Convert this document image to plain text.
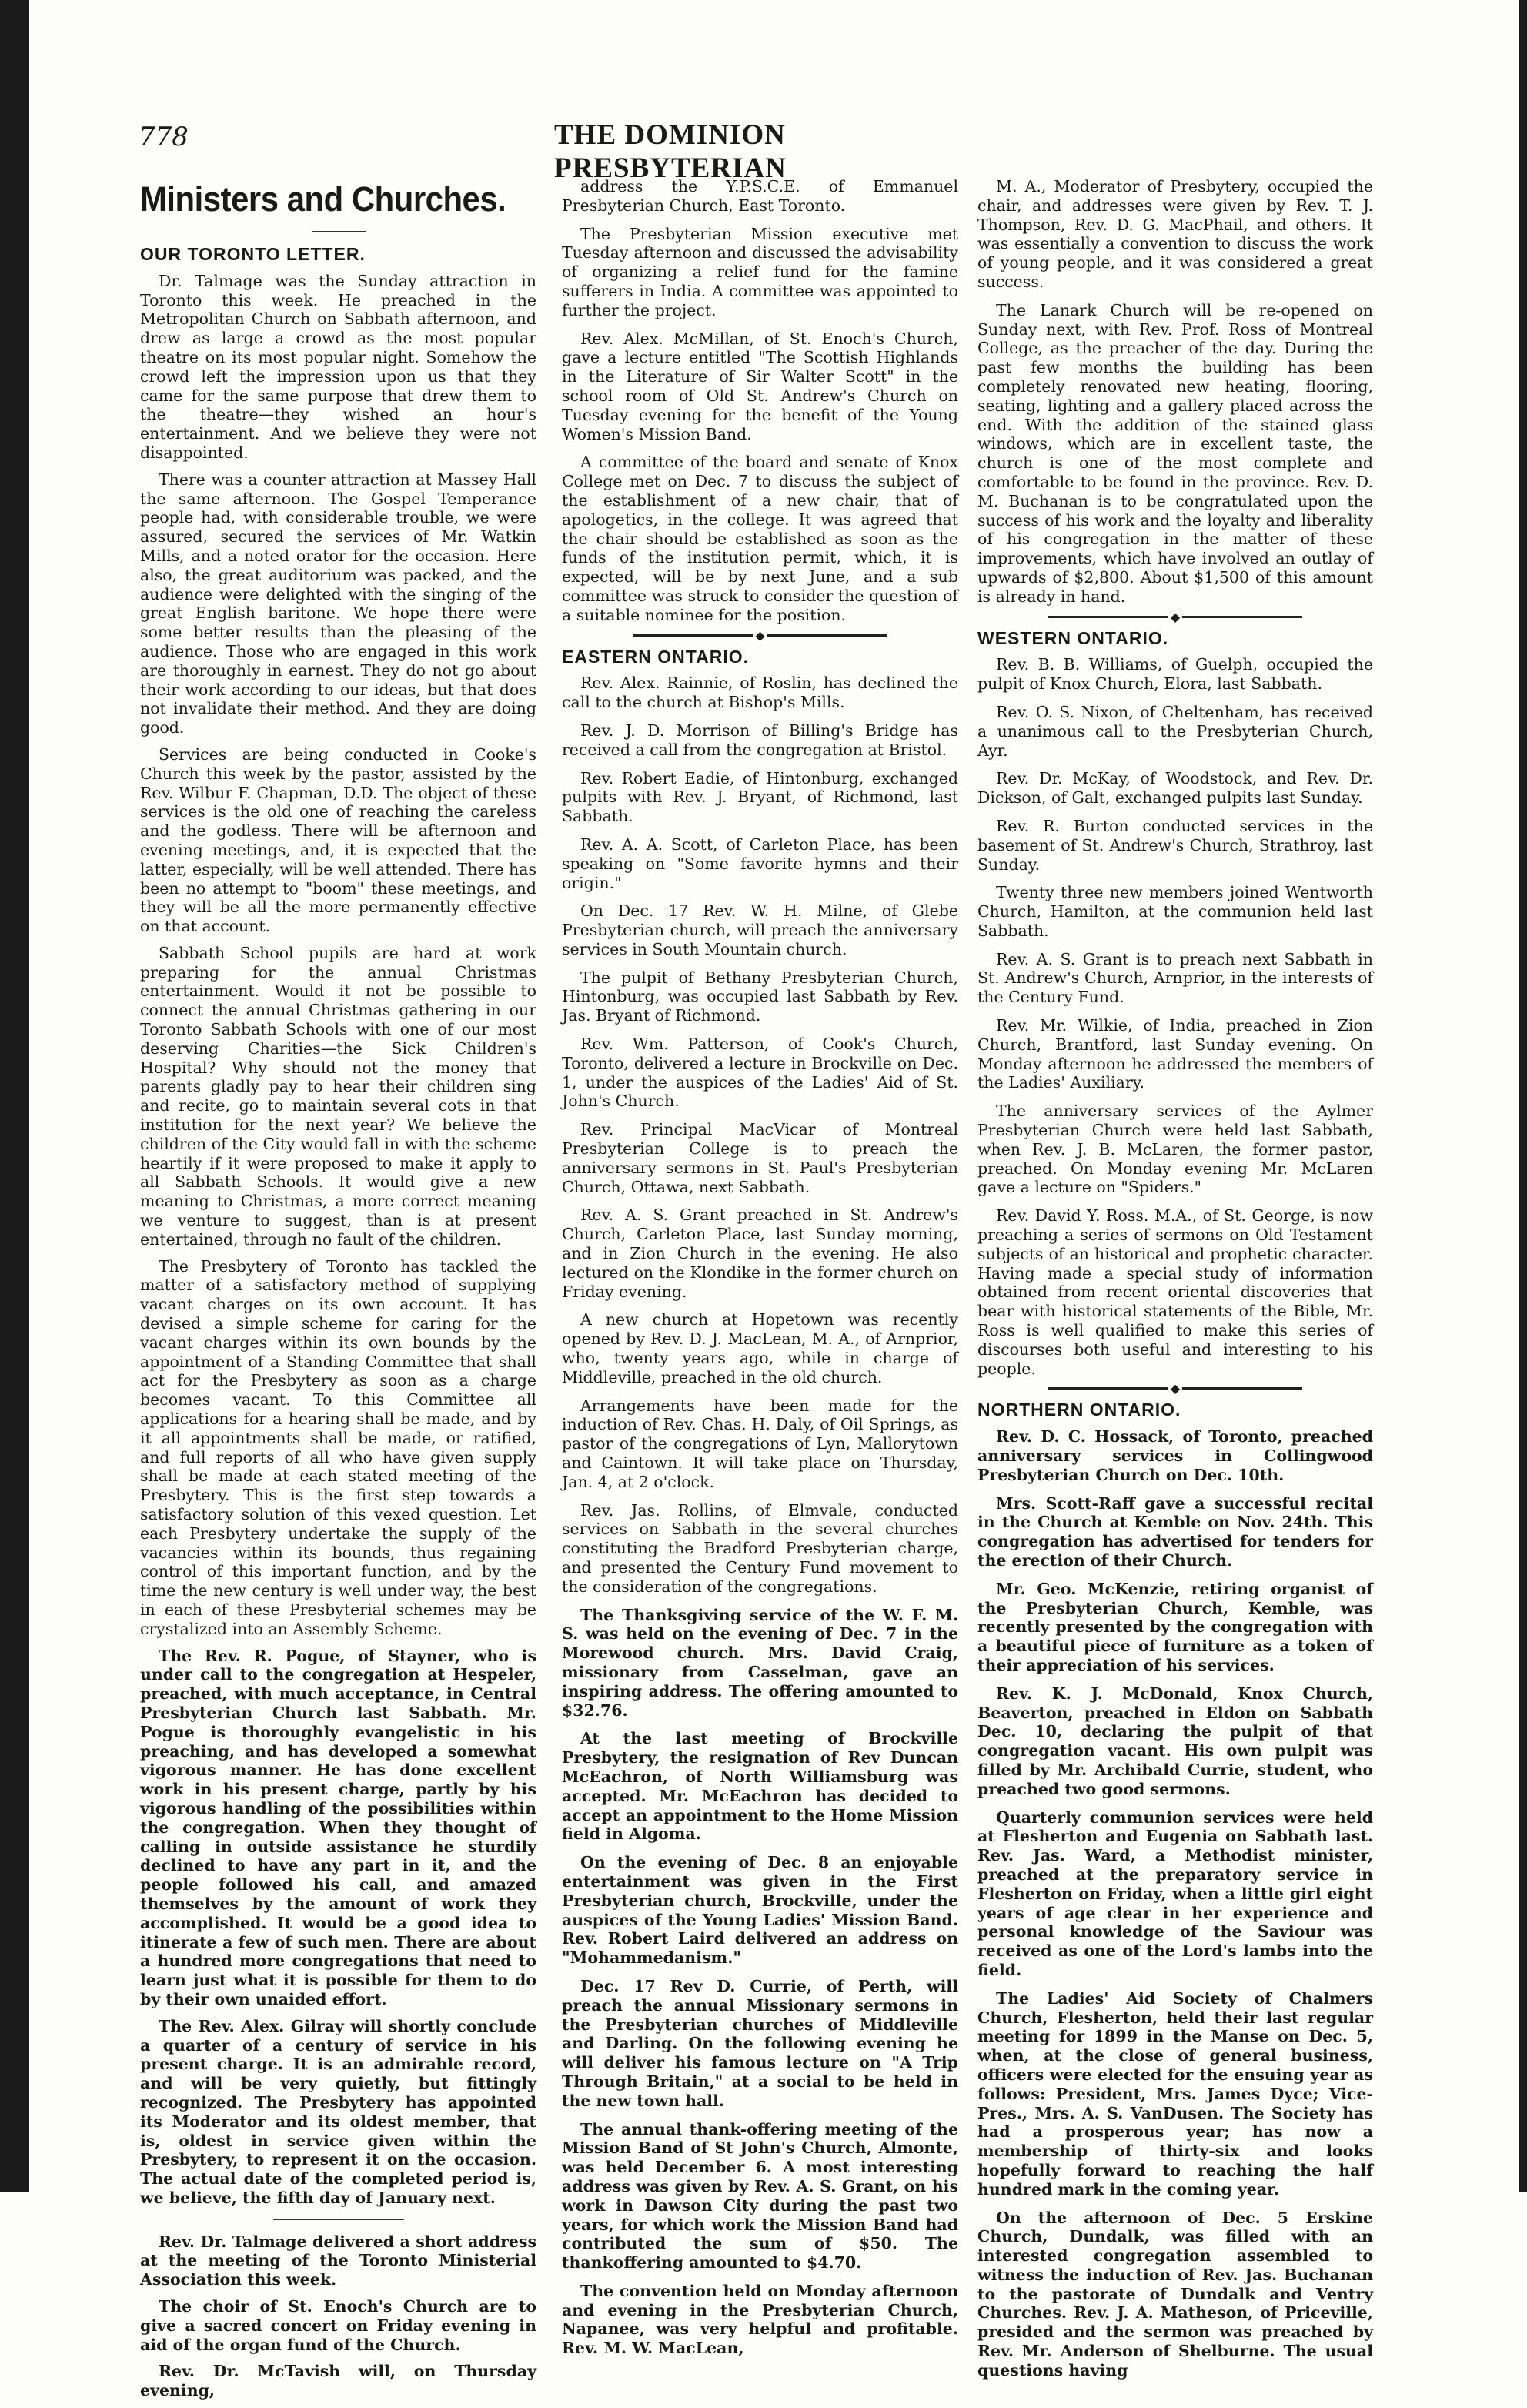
778	THE DOMINION PRESBYTERIAN
Ministers and Churches.
OUR TORONTO LETTER.

Dr. Talmage was the Sunday attraction in Toronto this week. He preached in the Metropolitan Church on Sabbath afternoon, and drew as large a crowd as the most popular theatre on its most popular night. Somehow the crowd left the impression upon us that they came for the same purpose that drew them to the theatre—they wished an hour's entertainment. And we believe they were not disappointed.

There was a counter attraction at Massey Hall the same afternoon. The Gospel Temperance people had, with considerable trouble, we were assured, secured the services of Mr. Watkin Mills, and a noted orator for the occasion. Here also, the great auditorium was packed, and the audience were delighted with the singing of the great English baritone. We hope there were some better results than the pleasing of the audience. Those who are engaged in this work are thoroughly in earnest. They do not go about their work according to our ideas, but that does not invalidate their method. And they are doing good.

Services are being conducted in Cooke's Church this week by the pastor, assisted by the Rev. Wilbur F. Chapman, D.D. The object of these services is the old one of reaching the careless and the godless. There will be afternoon and evening meetings, and, it is expected that the latter, especially, will be well attended. There has been no attempt to "boom" these meetings, and they will be all the more permanently effective on that account.

Sabbath School pupils are hard at work preparing for the annual Christmas entertainment. Would it not be possible to connect the annual Christmas gathering in our Toronto Sabbath Schools with one of our most deserving Charities—the Sick Children's Hospital? Why should not the money that parents gladly pay to hear their children sing and recite, go to maintain several cots in that institution for the next year? We believe the children of the City would fall in with the scheme heartily if it were proposed to make it apply to all Sabbath Schools. It would give a new meaning to Christmas, a more correct meaning we venture to suggest, than is at present entertained, through no fault of the children.

The Presbytery of Toronto has tackled the matter of a satisfactory method of supplying vacant charges on its own account. It has devised a simple scheme for caring for the vacant charges within its own bounds by the appointment of a Standing Committee that shall act for the Presbytery as soon as a charge becomes vacant. To this Committee all applications for a hearing shall be made, and by it all appointments shall be made, or ratified, and full reports of all who have given supply shall be made at each stated meeting of the Presbytery. This is the first step towards a satisfactory solution of this vexed question. Let each Presbytery undertake the supply of the vacancies within its bounds, thus regaining control of this important function, and by the time the new century is well under way, the best in each of these Presbyterial schemes may be crystalized into an Assembly Scheme.

The Rev. R. Pogue, of Stayner, who is under call to the congregation at Hespeler, preached, with much acceptance, in Central Presbyterian Church last Sabbath. Mr. Pogue is thoroughly evangelistic in his preaching, and has developed a somewhat vigorous manner. He has done excellent work in his present charge, partly by his vigorous handling of the possibilities within the congregation. When they thought of calling in outside assistance he sturdily declined to have any part in it, and the people followed his call, and amazed themselves by the amount of work they accomplished. It would be a good idea to itinerate a few of such men. There are about a hundred more congregations that need to learn just what it is possible for them to do by their own unaided effort.

The Rev. Alex. Gilray will shortly conclude a quarter of a century of service in his present charge. It is an admirable record, and will be very quietly, but fittingly recognized. The Presbytery has appointed its Moderator and its oldest member, that is, oldest in service given within the Presbytery, to represent it on the occasion. The actual date of the completed period is, we believe, the fifth day of January next.

Rev. Dr. Talmage delivered a short address at the meeting of the Toronto Ministerial Association this week.

The choir of St. Enoch's Church are to give a sacred concert on Friday evening in aid of the organ fund of the Church.

Rev. Dr. McTavish will, on Thursday evening,

address the Y.P.S.C.E. of Emmanuel Presbyterian Church, East Toronto.

The Presbyterian Mission executive met Tuesday afternoon and discussed the advisability of organizing a relief fund for the famine sufferers in India. A committee was appointed to further the project.

Rev. Alex. McMillan, of St. Enoch's Church, gave a lecture entitled "The Scottish Highlands in the Literature of Sir Walter Scott" in the school room of Old St. Andrew's Church on Tuesday evening for the benefit of the Young Women's Mission Band.

A committee of the board and senate of Knox College met on Dec. 7 to discuss the subject of the establishment of a new chair, that of apologetics, in the college. It was agreed that the chair should be established as soon as the funds of the institution permit, which, it is expected, will be by next June, and a sub committee was struck to consider the question of a suitable nominee for the position.

◆
EASTERN ONTARIO.

Rev. Alex. Rainnie, of Roslin, has declined the call to the church at Bishop's Mills.

Rev. J. D. Morrison of Billing's Bridge has received a call from the congregation at Bristol.

Rev. Robert Eadie, of Hintonburg, exchanged pulpits with Rev. J. Bryant, of Richmond, last Sabbath.

Rev. A. A. Scott, of Carleton Place, has been speaking on "Some favorite hymns and their origin."

On Dec. 17 Rev. W. H. Milne, of Glebe Presbyterian church, will preach the anniversary services in South Mountain church.

The pulpit of Bethany Presbyterian Church, Hintonburg, was occupied last Sabbath by Rev. Jas. Bryant of Richmond.

Rev. Wm. Patterson, of Cook's Church, Toronto, delivered a lecture in Brockville on Dec. 1, under the auspices of the Ladies' Aid of St. John's Church.

Rev. Principal MacVicar of Montreal Presbyterian College is to preach the anniversary sermons in St. Paul's Presbyterian Church, Ottawa, next Sabbath.

Rev. A. S. Grant preached in St. Andrew's Church, Carleton Place, last Sunday morning, and in Zion Church in the evening. He also lectured on the Klondike in the former church on Friday evening.

A new church at Hopetown was recently opened by Rev. D. J. MacLean, M. A., of Arnprior, who, twenty years ago, while in charge of Middleville, preached in the old church.

Arrangements have been made for the induction of Rev. Chas. H. Daly, of Oil Springs, as pastor of the congregations of Lyn, Mallorytown and Caintown. It will take place on Thursday, Jan. 4, at 2 o'clock.

Rev. Jas. Rollins, of Elmvale, conducted services on Sabbath in the several churches constituting the Bradford Presbyterian charge, and presented the Century Fund movement to the consideration of the congregations.

The Thanksgiving service of the W. F. M. S. was held on the evening of Dec. 7 in the Morewood church. Mrs. David Craig, missionary from Casselman, gave an inspiring address. The offering amounted to $32.76.

At the last meeting of Brockville Presbytery, the resignation of Rev Duncan McEachron, of North Williamsburg was accepted. Mr. McEachron has decided to accept an appointment to the Home Mission field in Algoma.

On the evening of Dec. 8 an enjoyable entertainment was given in the First Presbyterian church, Brockville, under the auspices of the Young Ladies' Mission Band. Rev. Robert Laird delivered an address on "Mohammedanism."

Dec. 17 Rev D. Currie, of Perth, will preach the annual Missionary sermons in the Presbyterian churches of Middleville and Darling. On the following evening he will deliver his famous lecture on "A Trip Through Britain," at a social to be held in the new town hall.

The annual thank-offering meeting of the Mission Band of St John's Church, Almonte, was held December 6. A most interesting address was given by Rev. A. S. Grant, on his work in Dawson City during the past two years, for which work the Mission Band had contributed the sum of $50. The thankoffering amounted to $4.70.

The convention held on Monday afternoon and evening in the Presbyterian Church, Napanee, was very helpful and profitable. Rev. M. W. MacLean,

M. A., Moderator of Presbytery, occupied the chair, and addresses were given by Rev. T. J. Thompson, Rev. D. G. MacPhail, and others. It was essentially a convention to discuss the work of young people, and it was considered a great success.

The Lanark Church will be re-opened on Sunday next, with Rev. Prof. Ross of Montreal College, as the preacher of the day. During the past few months the building has been completely renovated new heating, flooring, seating, lighting and a gallery placed across the end. With the addition of the stained glass windows, which are in excellent taste, the church is one of the most complete and comfortable to be found in the province. Rev. D. M. Buchanan is to be congratulated upon the success of his work and the loyalty and liberality of his congregation in the matter of these improvements, which have involved an outlay of upwards of $2,800. About $1,500 of this amount is already in hand.

◆
WESTERN ONTARIO.

Rev. B. B. Williams, of Guelph, occupied the pulpit of Knox Church, Elora, last Sabbath.

Rev. O. S. Nixon, of Cheltenham, has received a unanimous call to the Presbyterian Church, Ayr.

Rev. Dr. McKay, of Woodstock, and Rev. Dr. Dickson, of Galt, exchanged pulpits last Sunday.

Rev. R. Burton conducted services in the basement of St. Andrew's Church, Strathroy, last Sunday.

Twenty three new members joined Wentworth Church, Hamilton, at the communion held last Sabbath.

Rev. A. S. Grant is to preach next Sabbath in St. Andrew's Church, Arnprior, in the interests of the Century Fund.

Rev. Mr. Wilkie, of India, preached in Zion Church, Brantford, last Sunday evening. On Monday afternoon he addressed the members of the Ladies' Auxiliary.

The anniversary services of the Aylmer Presbyterian Church were held last Sabbath, when Rev. J. B. McLaren, the former pastor, preached. On Monday evening Mr. McLaren gave a lecture on "Spiders."

Rev. David Y. Ross. M.A., of St. George, is now preaching a series of sermons on Old Testament subjects of an historical and prophetic character. Having made a special study of information obtained from recent oriental discoveries that bear with historical statements of the Bible, Mr. Ross is well qualified to make this series of discourses both useful and interesting to his people.

◆
NORTHERN ONTARIO.

Rev. D. C. Hossack, of Toronto, preached anniversary services in Collingwood Presbyterian Church on Dec. 10th.

Mrs. Scott-Raff gave a successful recital in the Church at Kemble on Nov. 24th. This congregation has advertised for tenders for the erection of their Church.

Mr. Geo. McKenzie, retiring organist of the Presbyterian Church, Kemble, was recently presented by the congregation with a beautiful piece of furniture as a token of their appreciation of his services.

Rev. K. J. McDonald, Knox Church, Beaverton, preached in Eldon on Sabbath Dec. 10, declaring the pulpit of that congregation vacant. His own pulpit was filled by Mr. Archibald Currie, student, who preached two good sermons.

Quarterly communion services were held at Flesherton and Eugenia on Sabbath last. Rev. Jas. Ward, a Methodist minister, preached at the preparatory service in Flesherton on Friday, when a little girl eight years of age clear in her experience and personal knowledge of the Saviour was received as one of the Lord's lambs into the field.

The Ladies' Aid Society of Chalmers Church, Flesherton, held their last regular meeting for 1899 in the Manse on Dec. 5, when, at the close of general business, officers were elected for the ensuing year as follows: President, Mrs. James Dyce; Vice-Pres., Mrs. A. S. VanDusen. The Society has had a prosperous year; has now a membership of thirty-six and looks hopefully forward to reaching the half hundred mark in the coming year.

On the afternoon of Dec. 5 Erskine Church, Dundalk, was filled with an interested congregation assembled to witness the induction of Rev. Jas. Buchanan to the pastorate of Dundalk and Ventry Churches. Rev. J. A. Matheson, of Priceville, presided and the sermon was preached by Rev. Mr. Anderson of Shelburne. The usual questions having
